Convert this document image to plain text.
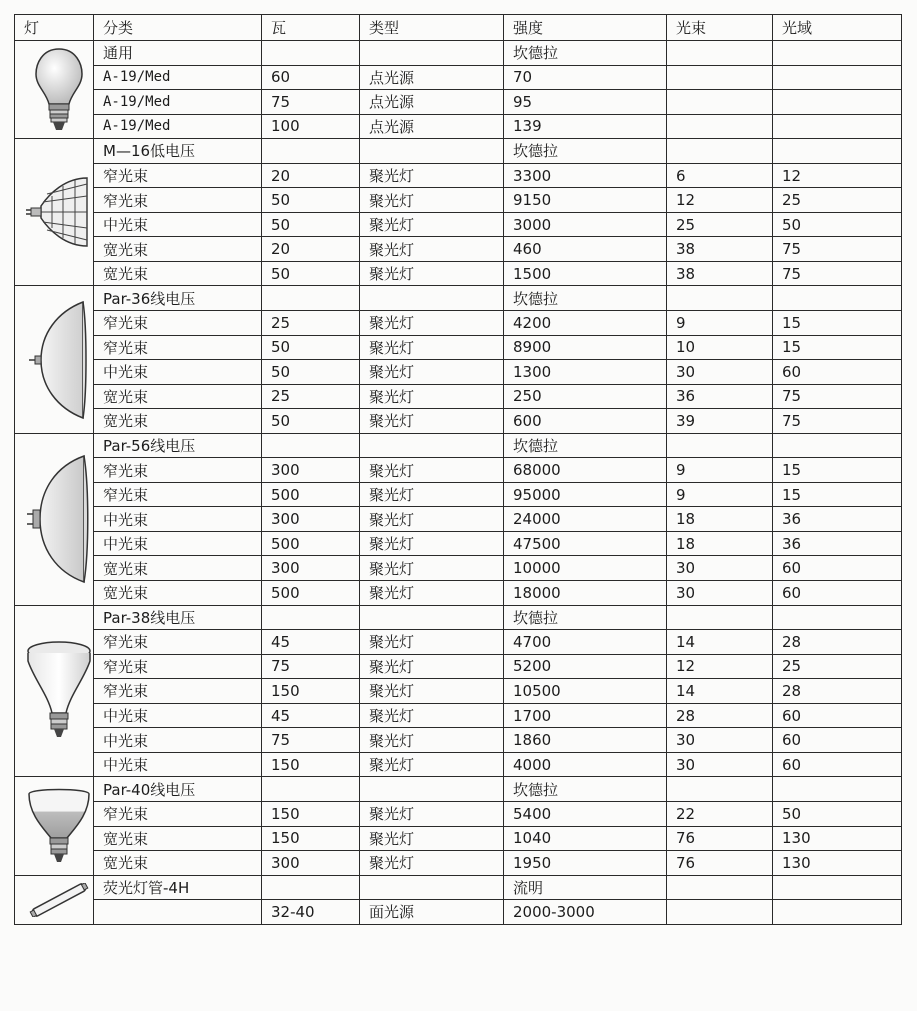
灯	分类	瓦	类型	强度	光束	光域

	通用			坎德拉		
	A-19/Med	60	点光源	70		
	A-19/Med	75	点光源	95		
	A-19/Med	100	点光源	139		

	M—16低电压			坎德拉		
	窄光束	20	聚光灯	3300	6	12
	窄光束	50	聚光灯	9150	12	25
	中光束	50	聚光灯	3000	25	50
	宽光束	20	聚光灯	460	38	75
	宽光束	50	聚光灯	1500	38	75

	Par-36线电压			坎德拉		
	窄光束	25	聚光灯	4200	9	15
	窄光束	50	聚光灯	8900	10	15
	中光束	50	聚光灯	1300	30	60
	宽光束	25	聚光灯	250	36	75
	宽光束	50	聚光灯	600	39	75

	Par-56线电压			坎德拉		
	窄光束	300	聚光灯	68000	9	15
	窄光束	500	聚光灯	95000	9	15
	中光束	300	聚光灯	24000	18	36
	中光束	500	聚光灯	47500	18	36
	宽光束	300	聚光灯	10000	30	60
	宽光束	500	聚光灯	18000	30	60

	Par-38线电压			坎德拉		
	窄光束	45	聚光灯	4700	14	28
	窄光束	75	聚光灯	5200	12	25
	窄光束	150	聚光灯	10500	14	28
	中光束	45	聚光灯	1700	28	60
	中光束	75	聚光灯	1860	30	60
	中光束	150	聚光灯	4000	30	60

	Par-40线电压			坎德拉		
	窄光束	150	聚光灯	5400	22	50
	宽光束	150	聚光灯	1040	76	130
	宽光束	300	聚光灯	1950	76	130

	荧光灯管-4H			流明		
		32-40	面光源	2000-3000		
